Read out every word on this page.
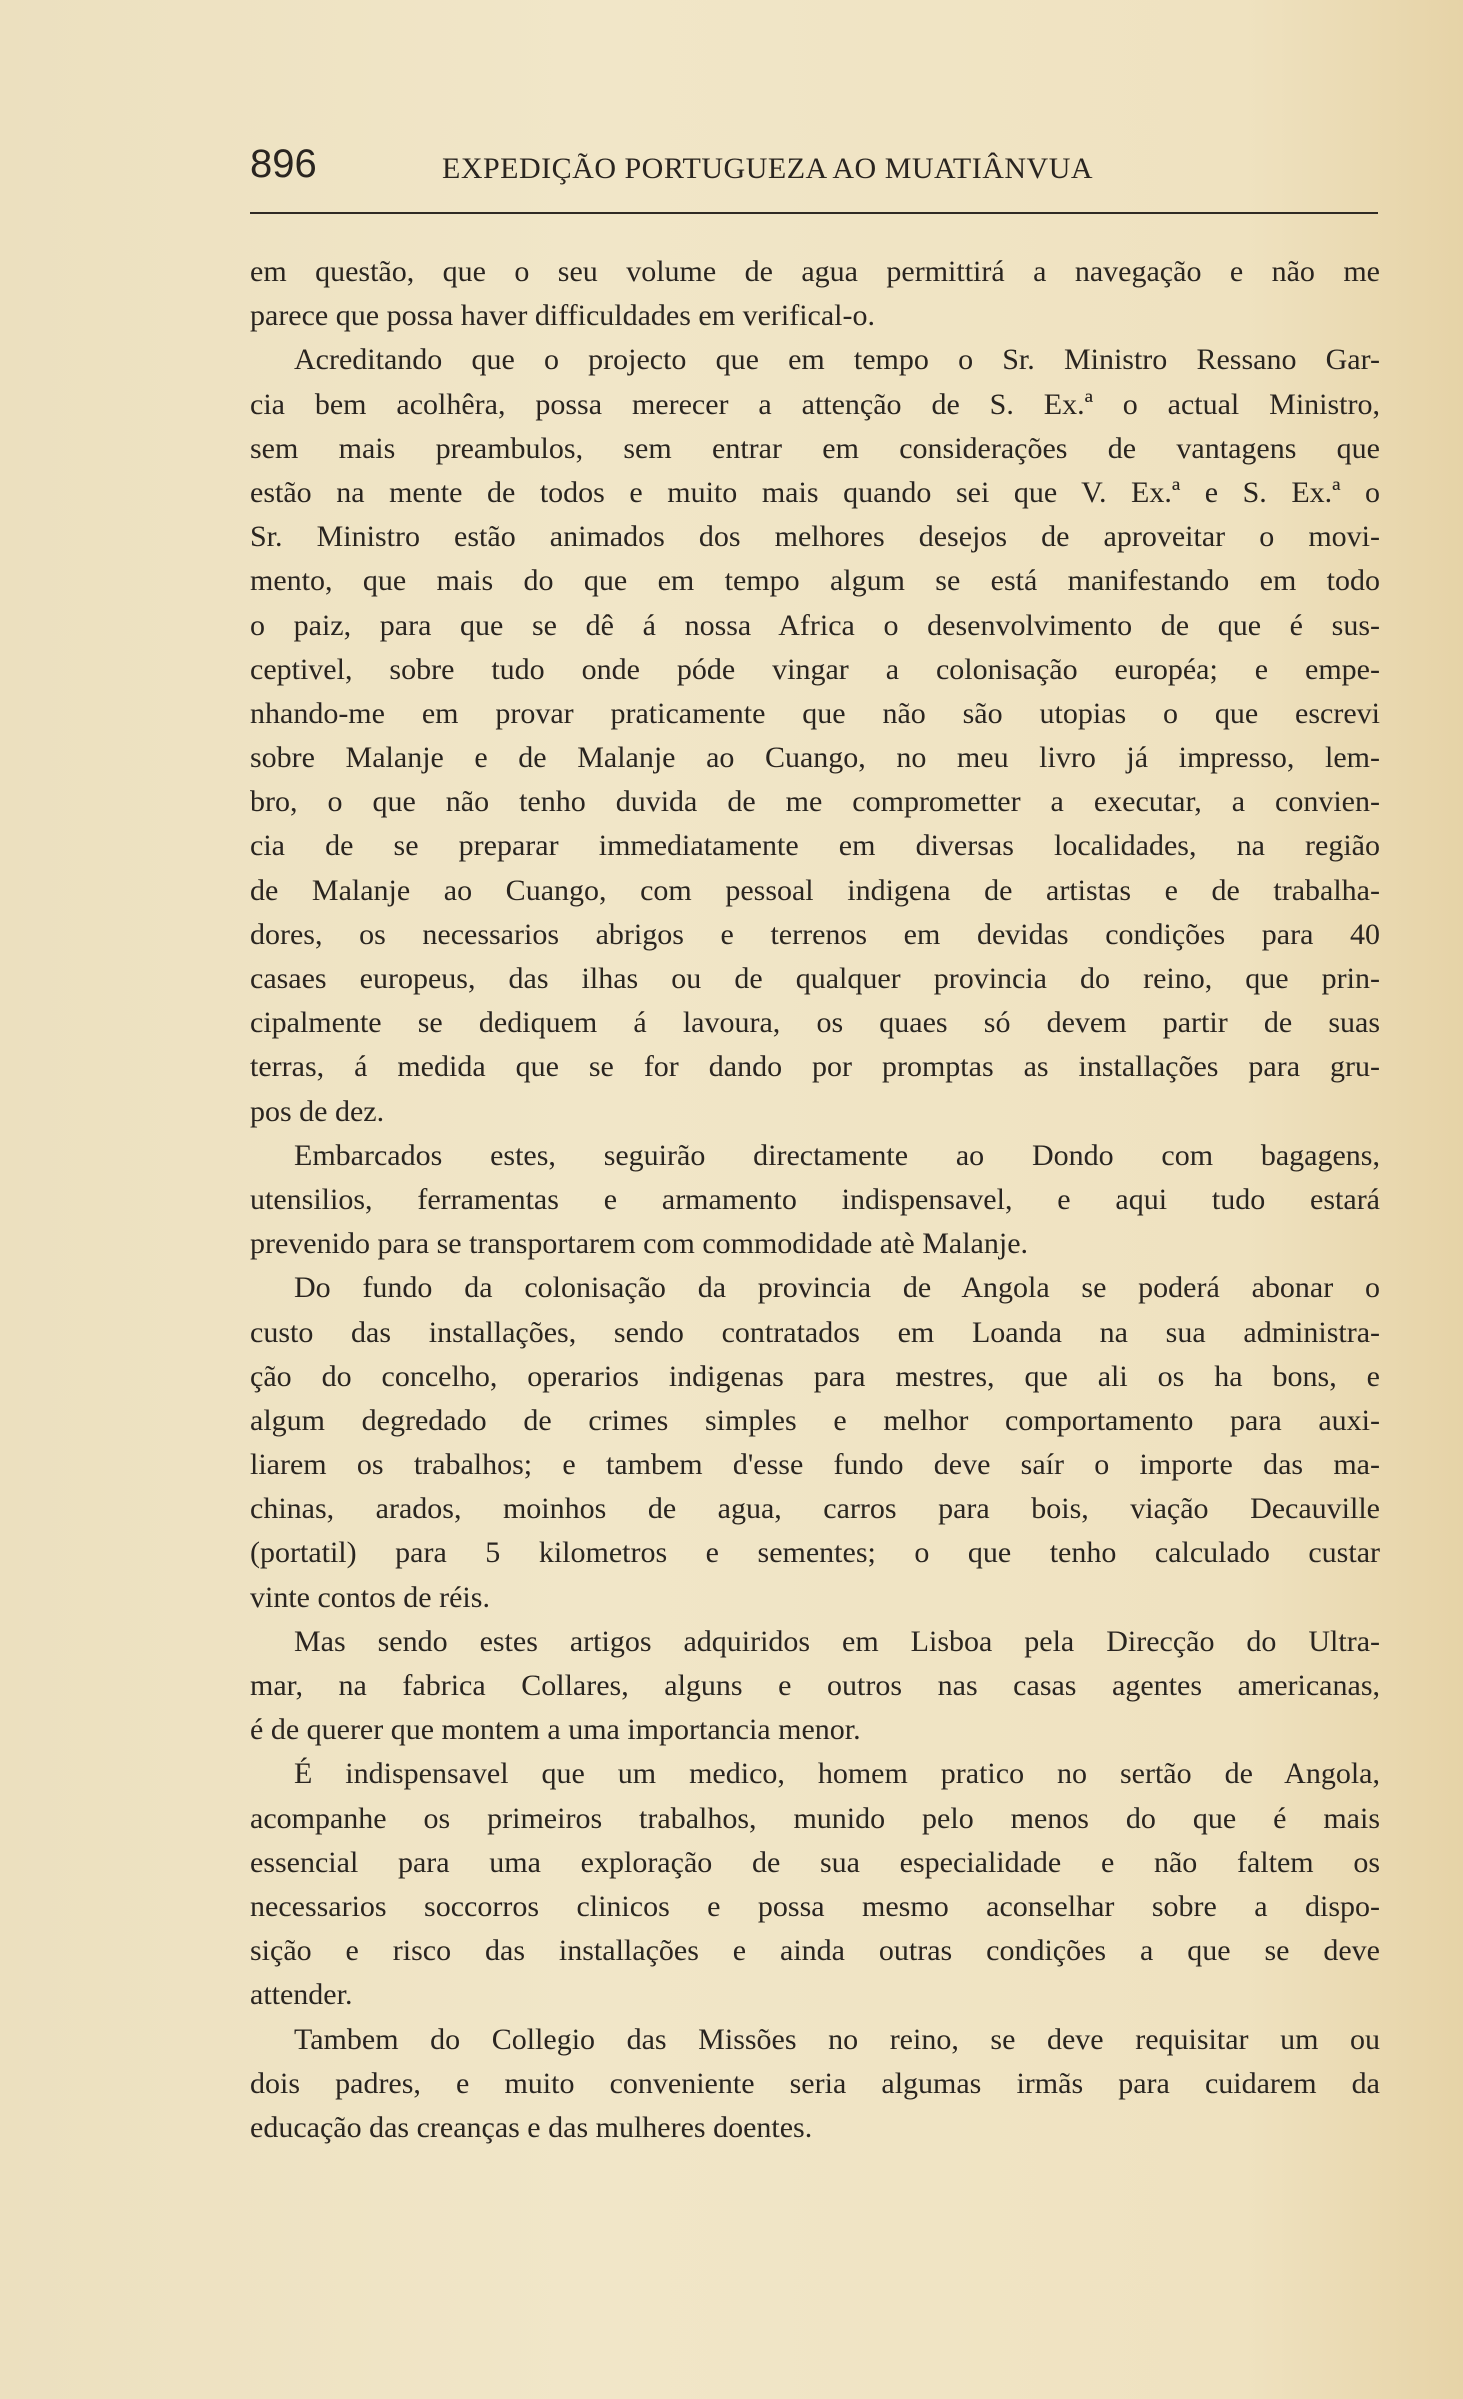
896	EXPEDIÇÃO PORTUGUEZA AO MUATIÂNVUA
em questão, que o seu volume de agua permittirá a navegação e não me
parece que possa haver difficuldades em verifical-o.
Acreditando que o projecto que em tempo o Sr. Ministro Ressano Gar-
cia bem acolhêra, possa merecer a attenção de S. Ex.ª o actual Ministro,
sem mais preambulos, sem entrar em considerações de vantagens que
estão na mente de todos e muito mais quando sei que V. Ex.ª e S. Ex.ª o
Sr. Ministro estão animados dos melhores desejos de aproveitar o movi-
mento, que mais do que em tempo algum se está manifestando em todo
o paiz, para que se dê á nossa Africa o desenvolvimento de que é sus-
ceptivel, sobre tudo onde póde vingar a colonisação européa; e empe-
nhando-me em provar praticamente que não são utopias o que escrevi
sobre Malanje e de Malanje ao Cuango, no meu livro já impresso, lem-
bro, o que não tenho duvida de me comprometter a executar, a convien-
cia de se preparar immediatamente em diversas localidades, na região
de Malanje ao Cuango, com pessoal indigena de artistas e de trabalha-
dores, os necessarios abrigos e terrenos em devidas condições para 40
casaes europeus, das ilhas ou de qualquer provincia do reino, que prin-
cipalmente se dediquem á lavoura, os quaes só devem partir de suas
terras, á medida que se for dando por promptas as installações para gru-
pos de dez.
Embarcados estes, seguirão directamente ao Dondo com bagagens,
utensilios, ferramentas e armamento indispensavel, e aqui tudo estará
prevenido para se transportarem com commodidade atè Malanje.
Do fundo da colonisação da provincia de Angola se poderá abonar o
custo das installações, sendo contratados em Loanda na sua administra-
ção do concelho, operarios indigenas para mestres, que ali os ha bons, e
algum degredado de crimes simples e melhor comportamento para auxi-
liarem os trabalhos; e tambem d'esse fundo deve saír o importe das ma-
chinas, arados, moinhos de agua, carros para bois, viação Decauville
(portatil) para 5 kilometros e sementes; o que tenho calculado custar
vinte contos de réis.
Mas sendo estes artigos adquiridos em Lisboa pela Direcção do Ultra-
mar, na fabrica Collares, alguns e outros nas casas agentes americanas,
é de querer que montem a uma importancia menor.
É indispensavel que um medico, homem pratico no sertão de Angola,
acompanhe os primeiros trabalhos, munido pelo menos do que é mais
essencial para uma exploração de sua especialidade e não faltem os
necessarios soccorros clinicos e possa mesmo aconselhar sobre a dispo-
sição e risco das installações e ainda outras condições a que se deve
attender.
Tambem do Collegio das Missões no reino, se deve requisitar um ou
dois padres, e muito conveniente seria algumas irmãs para cuidarem da
educação das creanças e das mulheres doentes.
